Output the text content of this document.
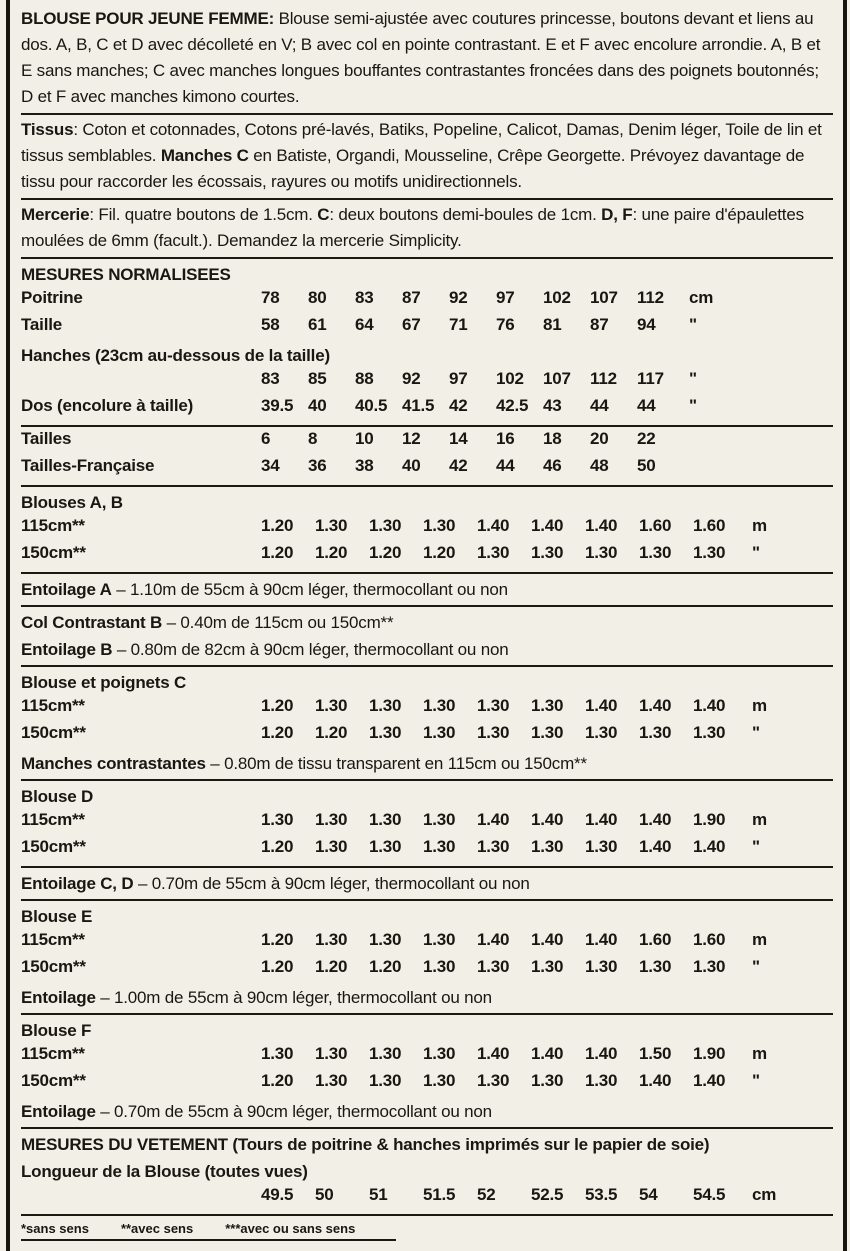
BLOUSE POUR JEUNE FEMME: Blouse semi-ajustée avec coutures princesse, boutons devant et liens au dos. A, B, C et D avec décolleté en V; B avec col en pointe contrastant. E et F avec encolure arrondie. A, B et E sans manches; C avec manches longues bouffantes contrastantes froncées dans des poignets boutonnés; D et F avec manches kimono courtes.

Tissus: Coton et cotonnades, Cotons pré-lavés, Batiks, Popeline, Calicot, Damas, Denim léger, Toile de lin et tissus semblables. Manches C en Batiste, Organdi, Mousseline, Crêpe Georgette. Prévoyez davantage de tissu pour raccorder les écossais, rayures ou motifs unidirectionnels.

Mercerie: Fil. quatre boutons de 1.5cm. C: deux boutons demi-boules de 1cm. D, F: une paire d'épaulettes moulées de 6mm (facult.). Demandez la mercerie Simplicity.

MESURES NORMALISEES
Poitrine	78	80	83	87	92	97	102	107	112	cm
Taille	58	61	64	67	71	76	81	87	94	"
Hanches (23cm au-dessous de la taille)
83	85	88	92	97	102	107	112	117	"
Dos (encolure à taille)	39.5 40	40.5 41.5 42	42.5 43	44	44	"
Tailles	6	8	10	12	14	16	18	20	22
Tailles-Française	34	36	38	40	42	44	46	48	50
Blouses A, B
115cm**	1.20	1.30	1.30	1.30	1.40	1.40	1.40	1.60	1.60	m
150cm**	1.20	1.20	1.20	1.20	1.30	1.30	1.30	1.30	1.30	"
Entoilage A – 1.10m de 55cm à 90cm léger, thermocollant ou non
Col Contrastant B – 0.40m de 115cm ou 150cm**
Entoilage B – 0.80m de 82cm à 90cm léger, thermocollant ou non
Blouse et poignets C
115cm**	1.20	1.30	1.30	1.30	1.30	1.30	1.40	1.40	1.40	m
150cm**	1.20	1.20	1.30	1.30	1.30	1.30	1.30	1.30	1.30	"
Manches contrastantes – 0.80m de tissu transparent en 115cm ou 150cm**
Blouse D
115cm**	1.30	1.30	1.30	1.30	1.40	1.40	1.40	1.40	1.90	m
150cm**	1.20	1.30	1.30	1.30	1.30	1.30	1.30	1.40	1.40	"
Entoilage C, D – 0.70m de 55cm à 90cm léger, thermocollant ou non
Blouse E
115cm**	1.20	1.30	1.30	1.30	1.40	1.40	1.40	1.60	1.60	m
150cm**	1.20	1.20	1.20	1.30	1.30	1.30	1.30	1.30	1.30	"
Entoilage – 1.00m de 55cm à 90cm léger, thermocollant ou non
Blouse F
115cm**	1.30	1.30	1.30	1.30	1.40	1.40	1.40	1.50	1.90	m
150cm**	1.20	1.30	1.30	1.30	1.30	1.30	1.30	1.40	1.40	"
Entoilage – 0.70m de 55cm à 90cm léger, thermocollant ou non
MESURES DU VETEMENT (Tours de poitrine & hanches imprimés sur le papier de soie)
Longueur de la Blouse (toutes vues)
49.5	50	51	51.5	52	52.5	53.5	54	54.5	cm
*sans sens **avec sens ***avec ou sans sens
